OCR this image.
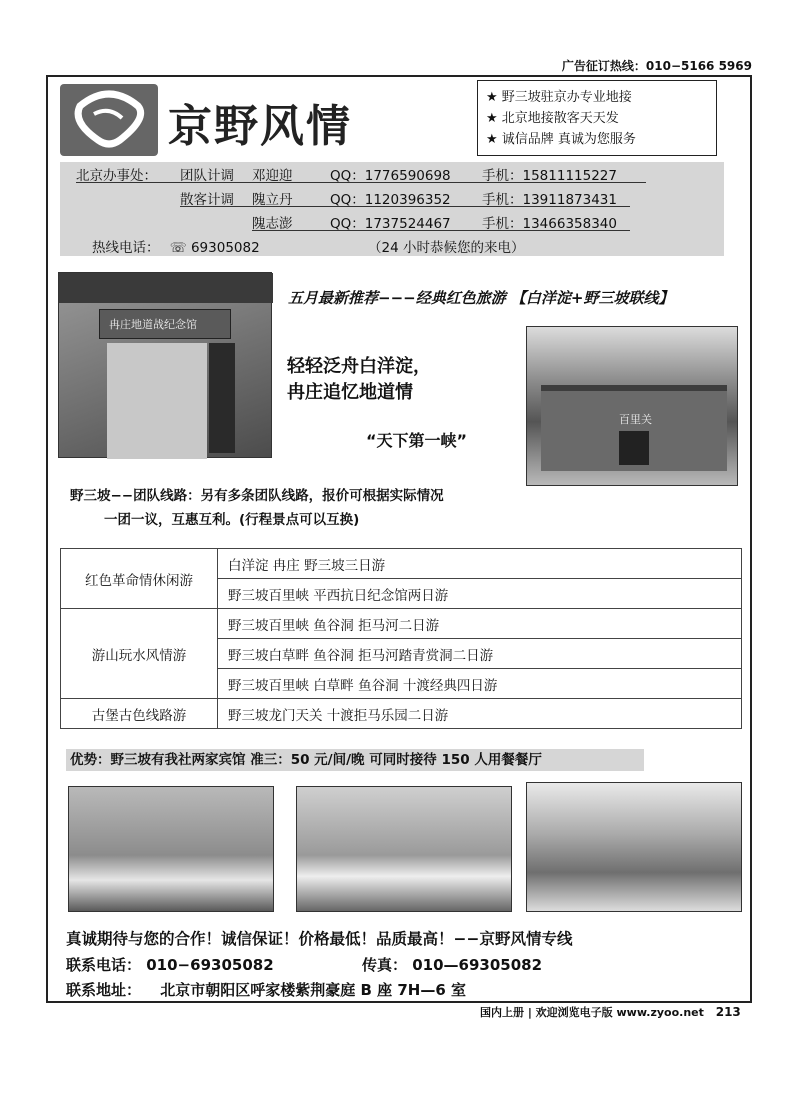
广告征订热线：010−5166 5969
京野风情
★ 野三坡驻京办专业地接
★ 北京地接散客天天发
★ 诚信品牌 真诚为您服务
北京办事处： 团队计调 邓迎迎	QQ：1776590698 手机：15811115227
散客计调 隗立丹	QQ：1120396352 手机：13911873431
隗志澎	QQ：1737524467 手机：13466358340
热线电话： ☏ 69305082	（24 小时恭候您的来电）
冉庄地道战纪念馆
五月最新推荐−−−经典红色旅游 【白洋淀+野三坡联线】
轻轻泛舟白洋淀，
冉庄追忆地道情
“天下第一峡”
百里关
野三坡−−团队线路：另有多条团队线路，报价可根据实际情况
一团一议，互惠互利。(行程景点可以互换)
红色革命情休闲游	白洋淀 冉庄 野三坡三日游
	野三坡百里峡 平西抗日纪念馆两日游
游山玩水风情游	野三坡百里峡 鱼谷洞 拒马河二日游
	野三坡白草畔 鱼谷洞 拒马河踏青赏洞二日游
	野三坡百里峡 白草畔 鱼谷洞 十渡经典四日游
古堡古色线路游	野三坡龙门天关 十渡拒马乐园二日游
优势：野三坡有我社两家宾馆 准三：50 元/间/晚 可同时接待 150 人用餐餐厅
真诚期待与您的合作！诚信保证！价格最低！品质最高！−−京野风情专线
联系电话： 010−69305082	传真： 010—69305082
联系地址： 北京市朝阳区呼家楼紫荆豪庭 B 座 7H—6 室
国内上册 | 欢迎浏览电子版 www.zyoo.net 213
